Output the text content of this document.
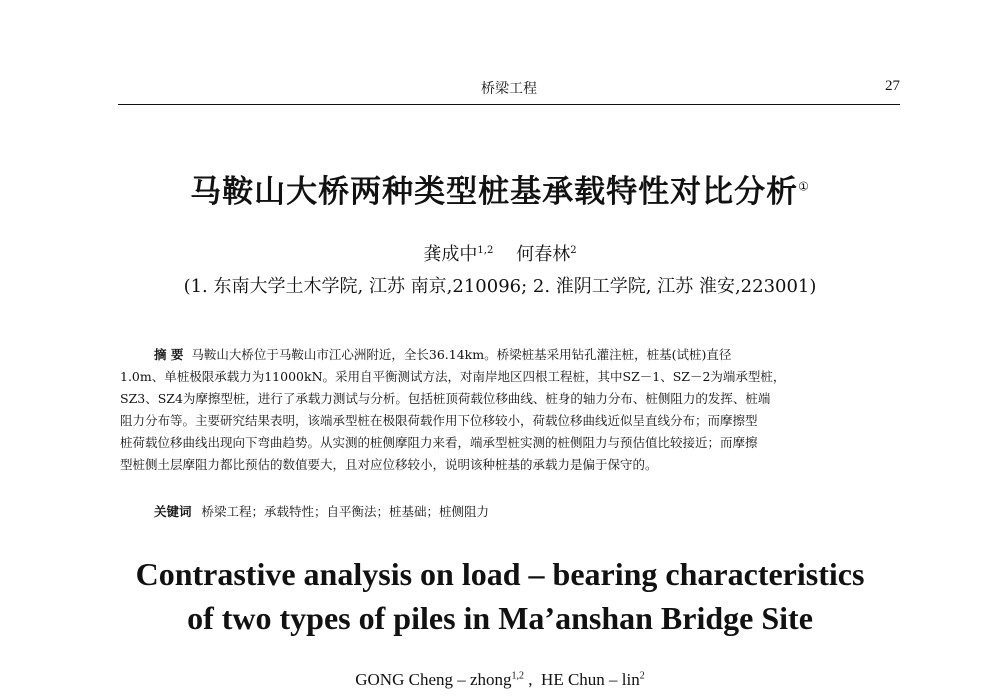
桥梁工程	27
马鞍山大桥两种类型桩基承载特性对比分析①
龚成中$^{1,2}$ 何春林$^2$
(1. 东南大学土木学院, 江苏 南京,210096; 2. 淮阴工学院, 江苏 淮安,223001)
摘 要 马鞍山大桥位于马鞍山市江心洲附近，全长36.14km。桥梁桩基采用钻孔灌注桩，桩基(试桩)直径
1.0m、单桩极限承载力为11000kN。采用自平衡测试方法，对南岸地区四根工程桩，其中SZ－1、SZ－2为端承型桩，
SZ3、SZ4为摩擦型桩，进行了承载力测试与分析。包括桩顶荷载位移曲线、桩身的轴力分布、桩侧阻力的发挥、桩端
阻力分布等。主要研究结果表明，该端承型桩在极限荷载作用下位移较小，荷载位移曲线近似呈直线分布；而摩擦型
桩荷载位移曲线出现向下弯曲趋势。从实测的桩侧摩阻力来看，端承型桩实测的桩侧阻力与预估值比较接近；而摩擦
型桩侧土层摩阻力都比预估的数值要大，且对应位移较小，说明该种桩基的承载力是偏于保守的。
关键词 桥梁工程；承载特性；自平衡法；桩基础；桩侧阻力
Contrastive analysis on load – bearing characteristics
of two types of piles in Ma’anshan Bridge Site
GONG Cheng – zhong$^{1,2}$ ,  HE Chun – lin$^2$
